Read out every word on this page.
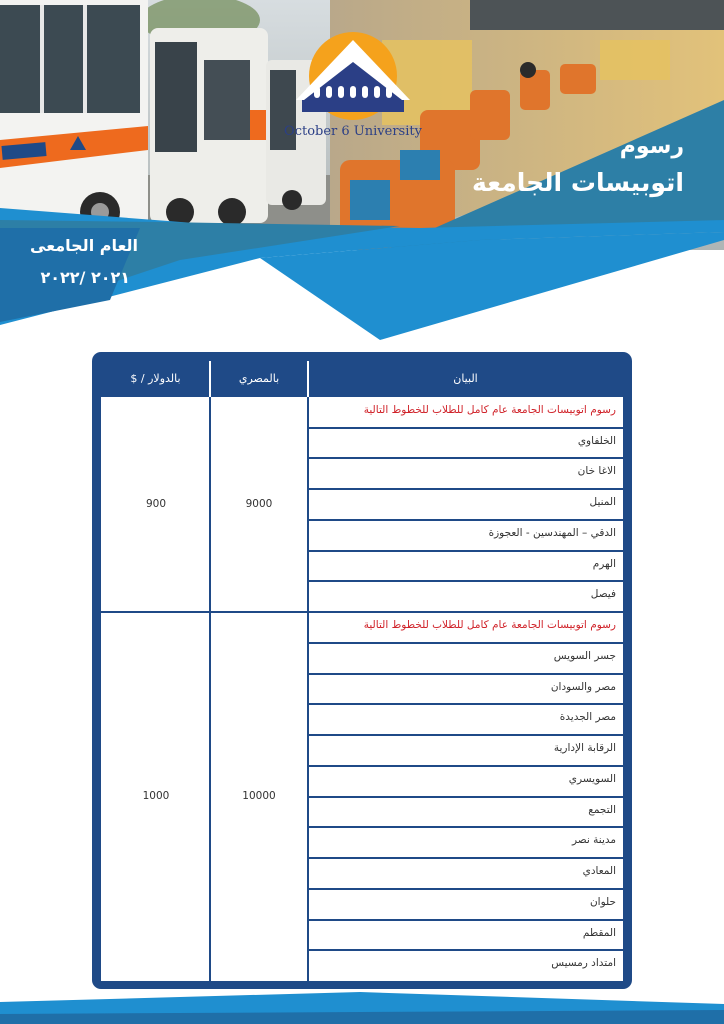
October 6 University
رسوم
اتوبيسات الجامعة
العام الجامعى
٢٠٢١ /٢٠٢٢
البيان
بالمصري
بالدولار / $
رسوم اتوبيسات الجامعة عام كامل للطلاب للخطوط التالية
الخلفاوي
الاغا خان
المنيل
الدقي – المهندسين - العجوزة
الهرم
فيصل
9000
900
رسوم اتوبيسات الجامعة عام كامل للطلاب للخطوط التالية
جسر السويس
مصر والسودان
مصر الجديدة
الرقابة الإدارية
السويسري
التجمع
مدينة نصر
المعادي
حلوان
المقطم
امتداد رمسيس
10000
1000
